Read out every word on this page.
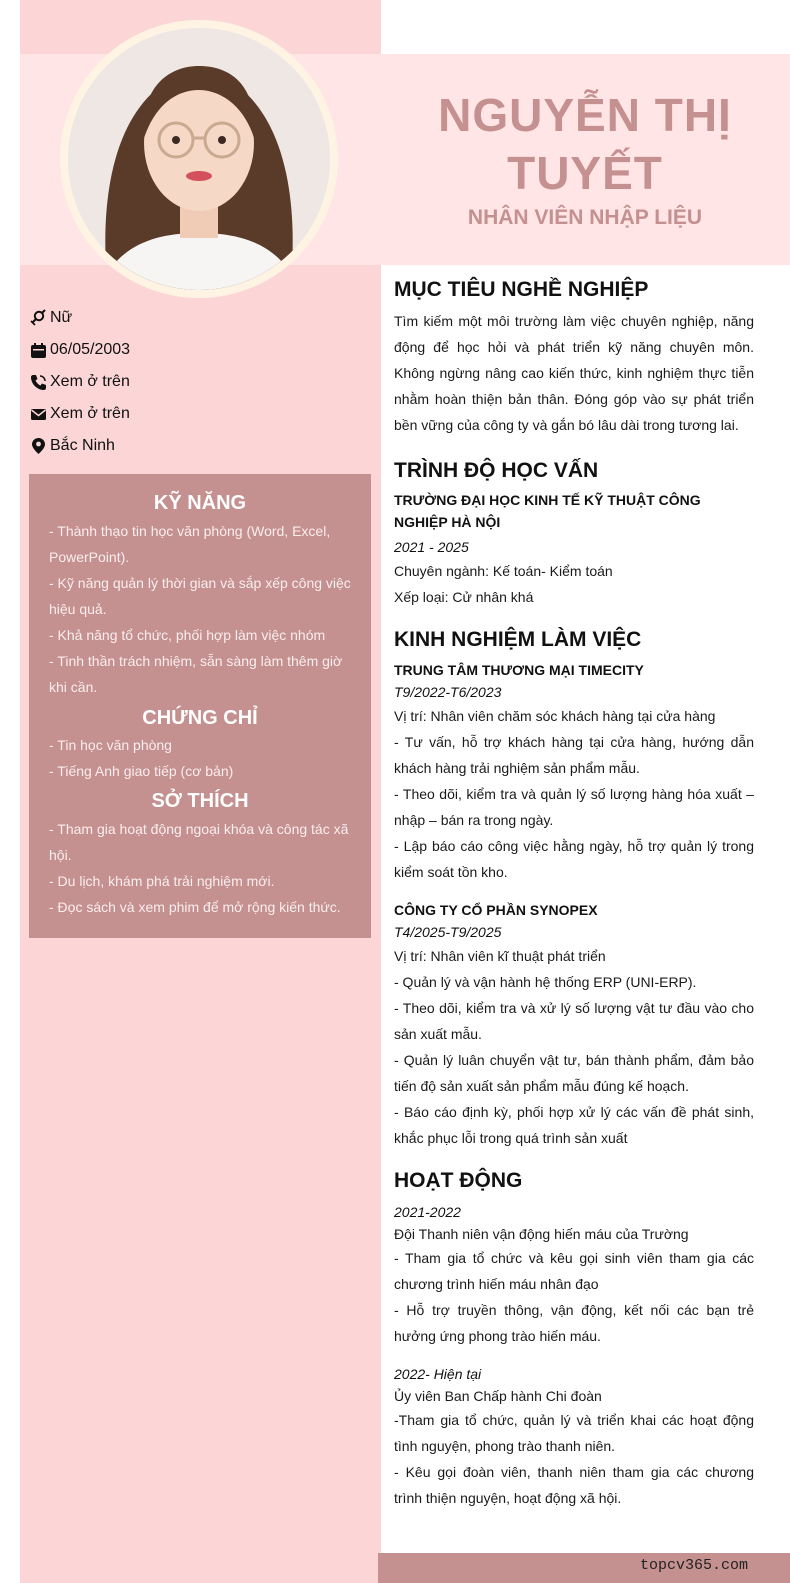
NGUYỄN THỊ
TUYẾT
NHÂN VIÊN NHẬP LIỆU
Nữ
06/05/2003
Xem ở trên
Xem ở trên
Bắc Ninh
KỸ NĂNG
- Thành thạo tin học văn phòng (Word, Excel, PowerPoint).
- Kỹ năng quản lý thời gian và sắp xếp công việc hiệu quả.
- Khả năng tổ chức, phối hợp làm việc nhóm
- Tinh thần trách nhiệm, sẵn sàng làm thêm giờ khi cần.
CHỨNG CHỈ
- Tin học văn phòng
- Tiếng Anh giao tiếp (cơ bản)
SỞ THÍCH
- Tham gia hoạt động ngoại khóa và công tác xã hội.
- Du lịch, khám phá trải nghiệm mới.
- Đọc sách và xem phim để mở rộng kiến thức.
MỤC TIÊU NGHỀ NGHIỆP
Tìm kiếm một môi trường làm việc chuyên nghiệp, năng động để học hỏi và phát triển kỹ năng chuyên môn. Không ngừng nâng cao kiến thức, kinh nghiệm thực tiễn nhằm hoàn thiện bản thân. Đóng góp vào sự phát triển bền vững của công ty và gắn bó lâu dài trong tương lai.
TRÌNH ĐỘ HỌC VẤN
TRƯỜNG ĐẠI HỌC KINH TẾ KỸ THUẬT CÔNG NGHIỆP HÀ NỘI
2021 - 2025
Chuyên ngành: Kế toán- Kiểm toán
Xếp loại: Cử nhân khá
KINH NGHIỆM LÀM VIỆC
TRUNG TÂM THƯƠNG MẠI TIMECITY
T9/2022-T6/2023
Vị trí: Nhân viên chăm sóc khách hàng tại cửa hàng
- Tư vấn, hỗ trợ khách hàng tại cửa hàng, hướng dẫn khách hàng trải nghiệm sản phẩm mẫu.
- Theo dõi, kiểm tra và quản lý số lượng hàng hóa xuất – nhập – bán ra trong ngày.
- Lập báo cáo công việc hằng ngày, hỗ trợ quản lý trong kiểm soát tồn kho.
CÔNG TY CỔ PHẦN SYNOPEX
T4/2025-T9/2025
Vị trí: Nhân viên kĩ thuật phát triển
- Quản lý và vận hành hệ thống ERP (UNI-ERP).
- Theo dõi, kiểm tra và xử lý số lượng vật tư đầu vào cho sản xuất mẫu.
- Quản lý luân chuyển vật tư, bán thành phẩm, đảm bảo tiến độ sản xuất sản phẩm mẫu đúng kế hoạch.
- Báo cáo định kỳ, phối hợp xử lý các vấn đề phát sinh, khắc phục lỗi trong quá trình sản xuất
HOẠT ĐỘNG
2021-2022
Đội Thanh niên vận động hiến máu của Trường
- Tham gia tổ chức và kêu gọi sinh viên tham gia các chương trình hiến máu nhân đạo
- Hỗ trợ truyền thông, vận động, kết nối các bạn trẻ hưởng ứng phong trào hiến máu.
2022- Hiện tại
Ủy viên Ban Chấp hành Chi đoàn
-Tham gia tổ chức, quản lý và triển khai các hoạt động tình nguyện, phong trào thanh niên.
- Kêu gọi đoàn viên, thanh niên tham gia các chương trình thiện nguyện, hoạt động xã hội.
topcv365.com
